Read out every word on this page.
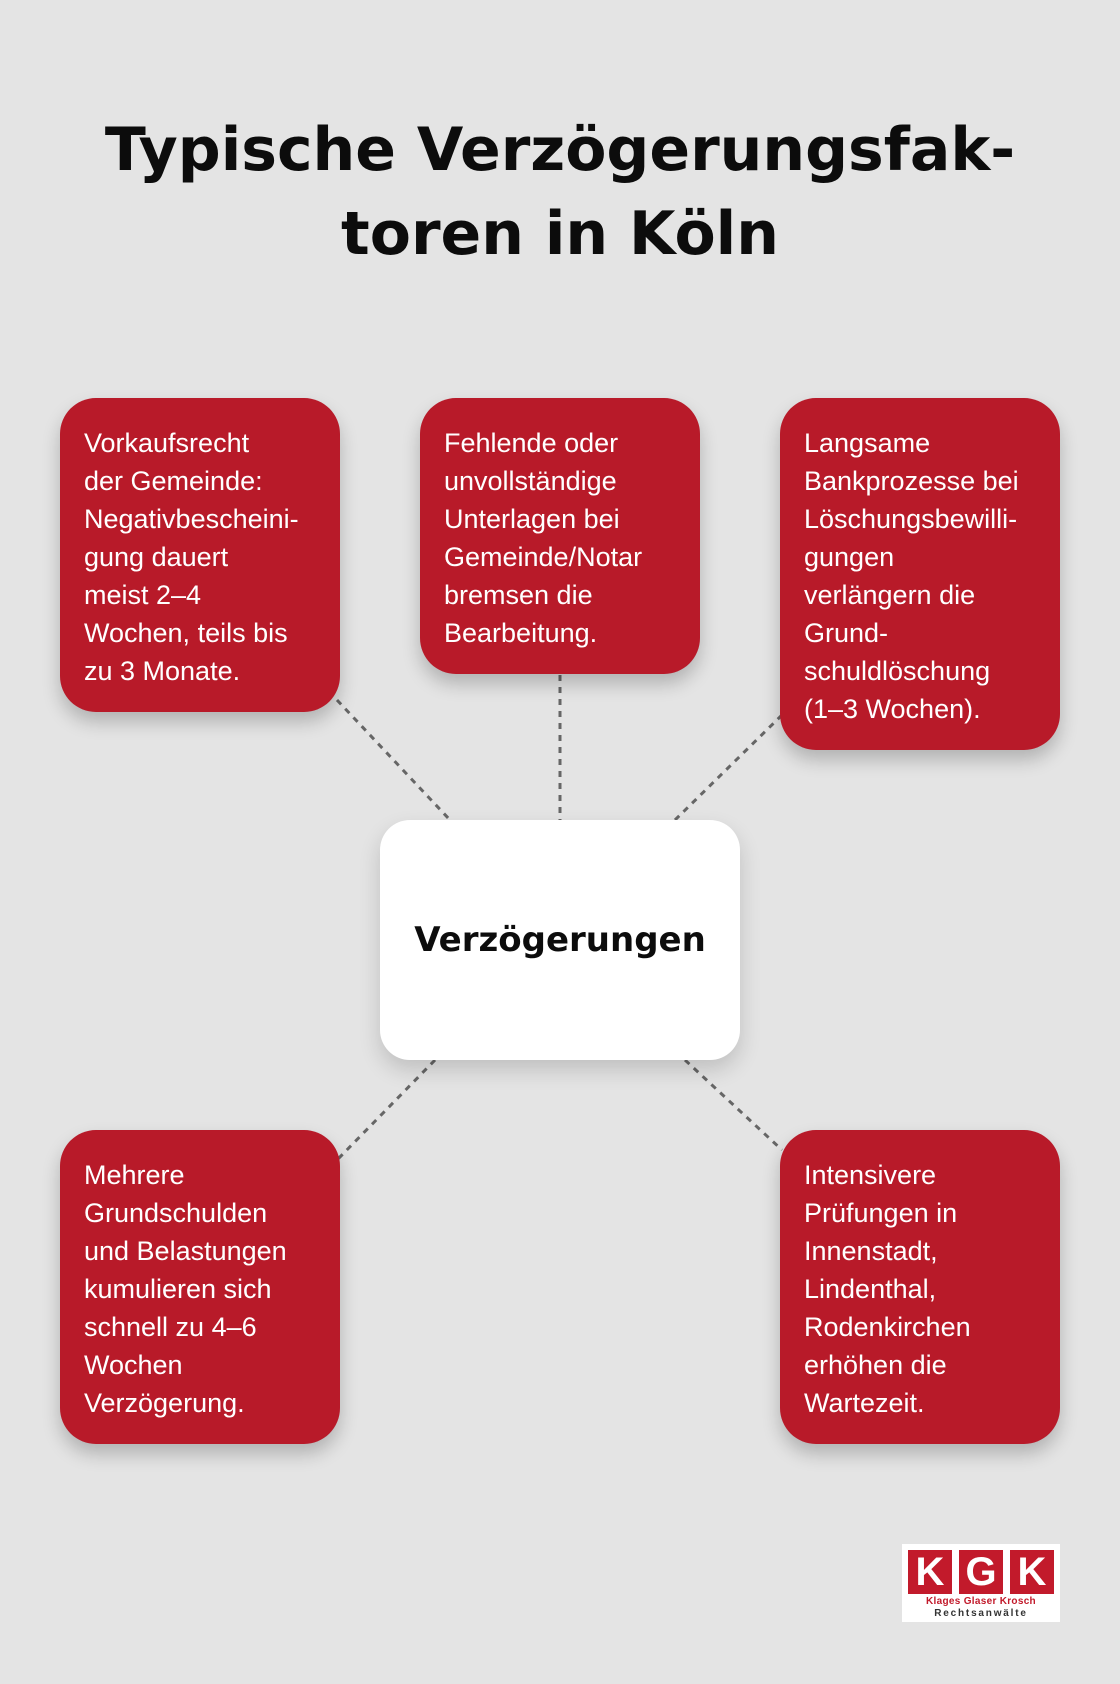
Typische Verzögerungsfak-
toren in Köln

Vorkaufsrecht
der Gemeinde:
Negativbescheini-
gung dauert
meist 2–4
Wochen, teils bis
zu 3 Monate.

Fehlende oder
unvollständige
Unterlagen bei
Gemeinde/Notar
bremsen die
Bearbeitung.

Langsame
Bankprozesse bei
Löschungsbewilli-
gungen
verlängern die
Grund-
schuldlöschung
(1–3 Wochen).

Verzögerungen

Mehrere
Grundschulden
und Belastungen
kumulieren sich
schnell zu 4–6
Wochen
Verzögerung.

Intensivere
Prüfungen in
Innenstadt,
Lindenthal,
Rodenkirchen
erhöhen die
Wartezeit.

K G K
Klages Glaser Krosch
Rechtsanwälte
